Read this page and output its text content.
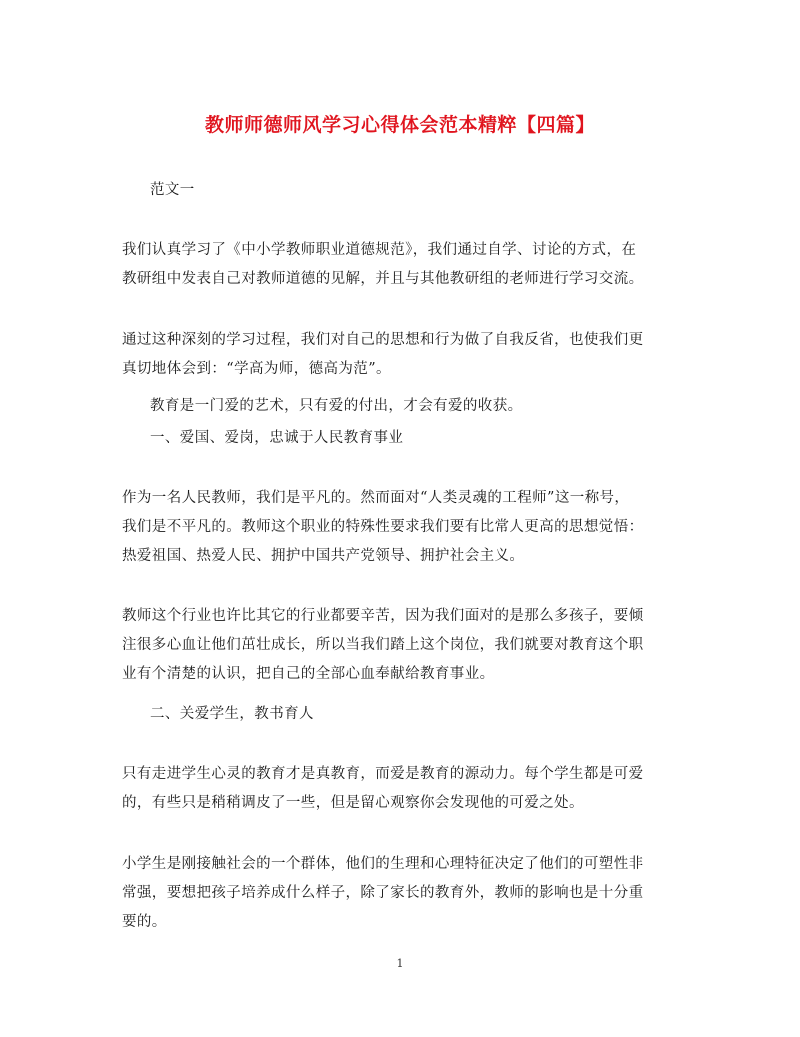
教师师德师风学习心得体会范本精粹【四篇】

范文一

我们认真学习了《中小学教师职业道德规范》，我们通过自学、讨论的方式，在
教研组中发表自己对教师道德的见解，并且与其他教研组的老师进行学习交流。

通过这种深刻的学习过程，我们对自己的思想和行为做了自我反省，也使我们更
真切地体会到：“学高为师，德高为范”。

教育是一门爱的艺术，只有爱的付出，才会有爱的收获。

一、爱国、爱岗，忠诚于人民教育事业

作为一名人民教师，我们是平凡的。然而面对“人类灵魂的工程师”这一称号，
我们是不平凡的。教师这个职业的特殊性要求我们要有比常人更高的思想觉悟：
热爱祖国、热爱人民、拥护中国共产党领导、拥护社会主义。

教师这个行业也许比其它的行业都要辛苦，因为我们面对的是那么多孩子，要倾
注很多心血让他们茁壮成长，所以当我们踏上这个岗位，我们就要对教育这个职
业有个清楚的认识，把自己的全部心血奉献给教育事业。

二、关爱学生，教书育人

只有走进学生心灵的教育才是真教育，而爱是教育的源动力。每个学生都是可爱
的，有些只是稍稍调皮了一些，但是留心观察你会发现他的可爱之处。

小学生是刚接触社会的一个群体，他们的生理和心理特征决定了他们的可塑性非
常强，要想把孩子培养成什么样子，除了家长的教育外，教师的影响也是十分重
要的。

1
